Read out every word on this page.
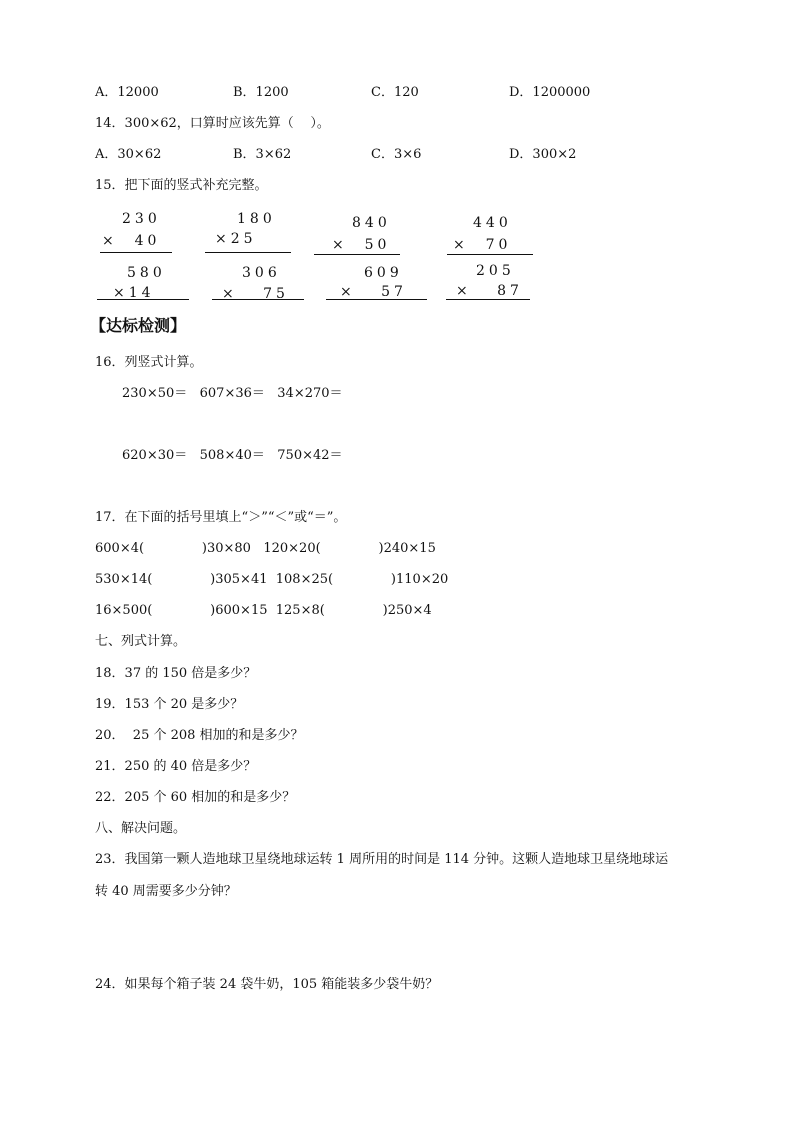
A．12000	B．1200	C．120	D．1200000
14．300×62，口算时应该先算（    ）。
A．30×62	B．3×62	C．3×6	D．300×2
15．把下面的竖式补充完整。
230
×  40
180
×25
840
×  50
440
×  70
580
×14
306
×   75
609
×   57
205
×   87
【达标检测】
16．列竖式计算。
230×50＝   607×36＝   34×270＝
620×30＝   508×40＝   750×42＝
17．在下面的括号里填上“＞”“＜”或“＝”。
600×4(              )30×80   120×20(              )240×15
530×14(              )305×41  108×25(              )110×20
16×500(              )600×15  125×8(              )250×4
七、列式计算。
18．37 的 150 倍是多少？
19．153 个 20 是多少？
20．  25 个 208 相加的和是多少？
21．250 的 40 倍是多少？
22．205 个 60 相加的和是多少？
八、解决问题。
23．我国第一颗人造地球卫星绕地球运转 1 周所用的时间是 114 分钟。这颗人造地球卫星绕地球运
转 40 周需要多少分钟？
24．如果每个箱子装 24 袋牛奶，105 箱能装多少袋牛奶？
